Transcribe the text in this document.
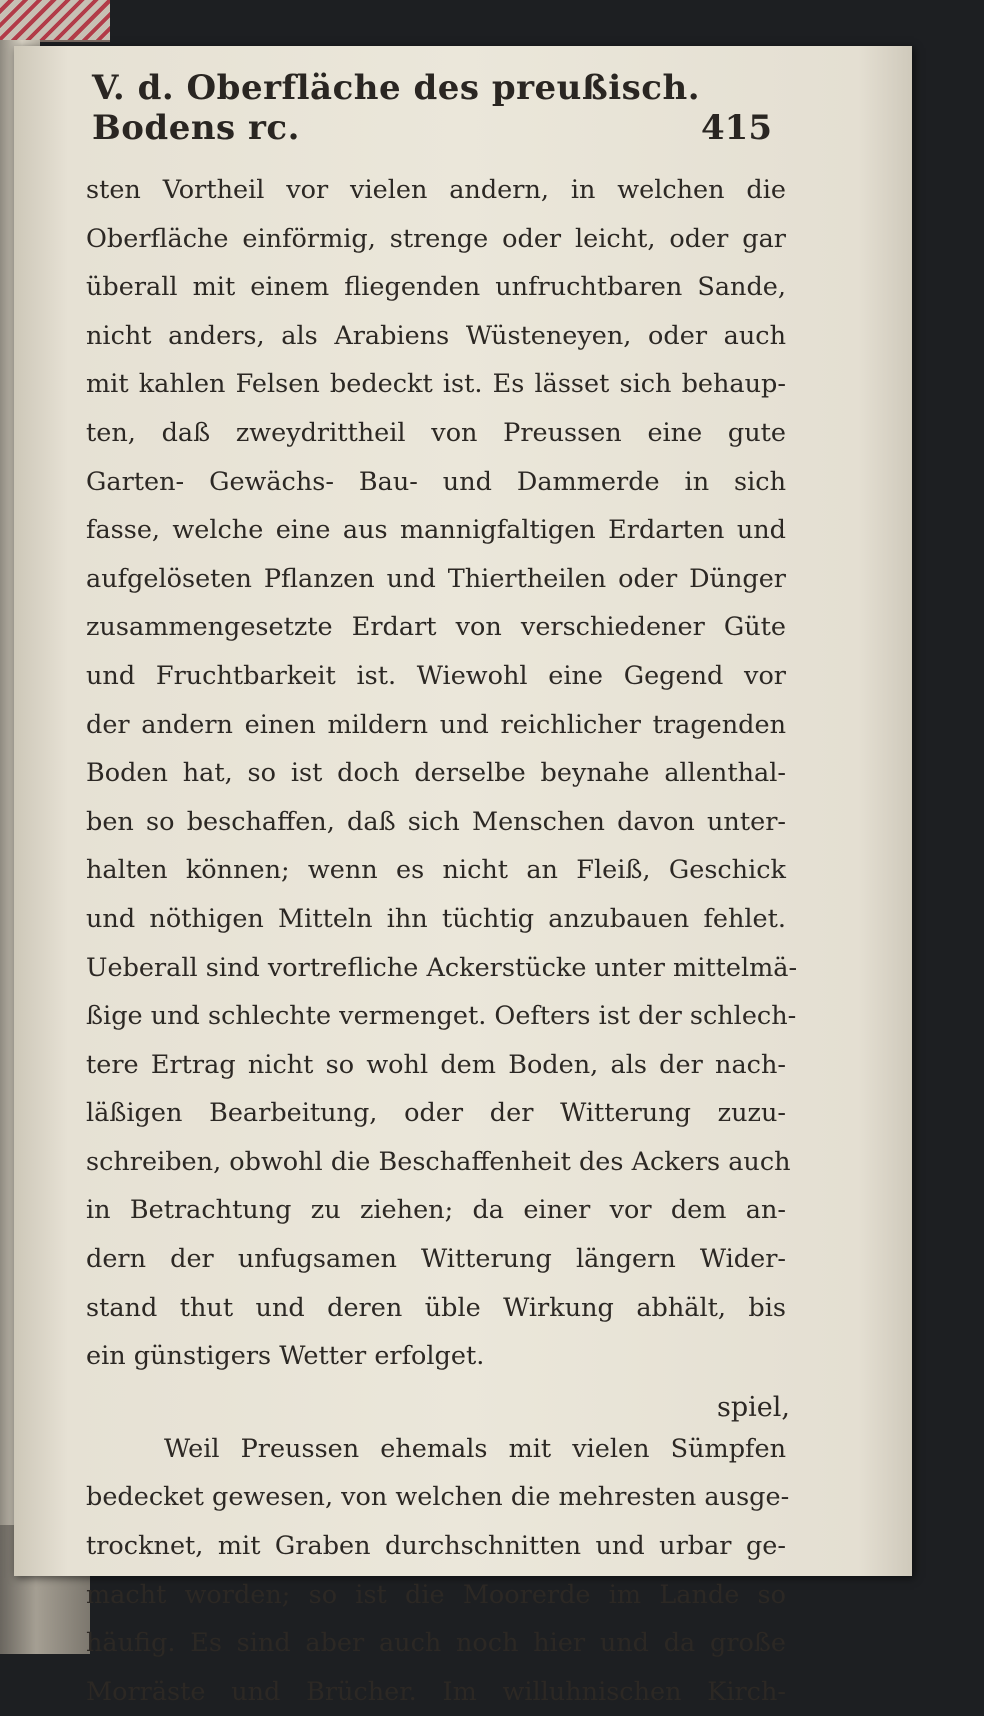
V. d. Oberfläche des preußisch. Bodens rc.	415

sten Vortheil vor vielen andern, in welchen die
Oberfläche einförmig, strenge oder leicht, oder gar
überall mit einem fliegenden unfruchtbaren Sande,
nicht anders, als Arabiens Wüsteneyen, oder auch
mit kahlen Felsen bedeckt ist. Es lässet sich behaup-
ten, daß zweydrittheil von Preussen eine gute
Garten- Gewächs- Bau- und Dammerde in sich
fasse, welche eine aus mannigfaltigen Erdarten und
aufgelöseten Pflanzen und Thiertheilen oder Dünger
zusammengesetzte Erdart von verschiedener Güte
und Fruchtbarkeit ist. Wiewohl eine Gegend vor
der andern einen mildern und reichlicher tragenden
Boden hat, so ist doch derselbe beynahe allenthal-
ben so beschaffen, daß sich Menschen davon unter-
halten können; wenn es nicht an Fleiß, Geschick
und nöthigen Mitteln ihn tüchtig anzubauen fehlet.
Ueberall sind vortrefliche Ackerstücke unter mittelmä-
ßige und schlechte vermenget. Oefters ist der schlech-
tere Ertrag nicht so wohl dem Boden, als der nach-
läßigen Bearbeitung, oder der Witterung zuzu-
schreiben, obwohl die Beschaffenheit des Ackers auch
in Betrachtung zu ziehen; da einer vor dem an-
dern der unfugsamen Witterung längern Wider-
stand thut und deren üble Wirkung abhält, bis
ein günstigers Wetter erfolget.

Weil Preussen ehemals mit vielen Sümpfen
bedecket gewesen, von welchen die mehresten ausge-
trocknet, mit Graben durchschnitten und urbar ge-
macht worden; so ist die Moorerde im Lande so
häufig. Es sind aber auch noch hier und da große
Morräste und Brücher. Im willuhnischen Kirch-

spiel,
